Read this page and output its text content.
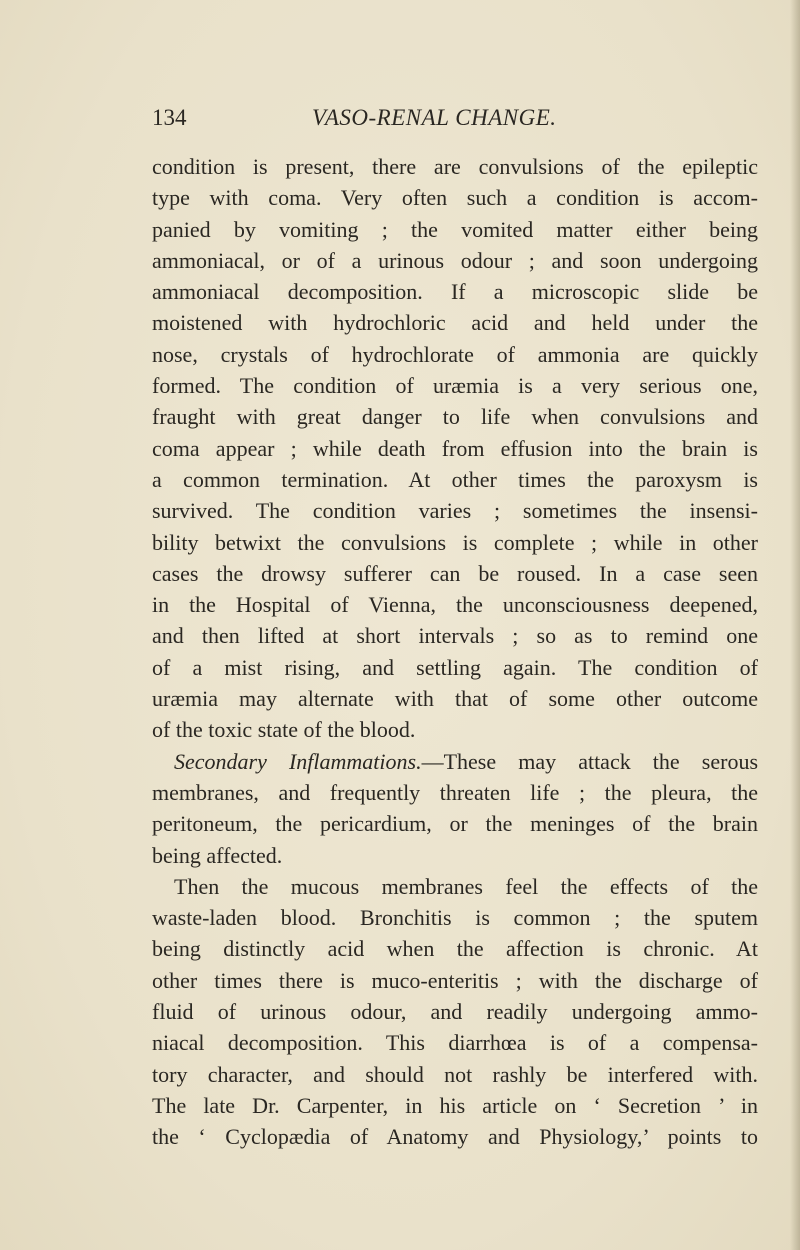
134	VASO-RENAL CHANGE.
condition is present, there are convulsions of the epileptic
type with coma. Very often such a condition is accom-
panied by vomiting ; the vomited matter either being
ammoniacal, or of a urinous odour ; and soon undergoing
ammoniacal decomposition. If a microscopic slide be
moistened with hydrochloric acid and held under the
nose, crystals of hydrochlorate of ammonia are quickly
formed. The condition of uræmia is a very serious one,
fraught with great danger to life when convulsions and
coma appear ; while death from effusion into the brain is
a common termination. At other times the paroxysm is
survived. The condition varies ; sometimes the insensi-
bility betwixt the convulsions is complete ; while in other
cases the drowsy sufferer can be roused. In a case seen
in the Hospital of Vienna, the unconsciousness deepened,
and then lifted at short intervals ; so as to remind one
of a mist rising, and settling again. The condition of
uræmia may alternate with that of some other outcome
of the toxic state of the blood.
Secondary Inflammations.—These may attack the serous
membranes, and frequently threaten life ; the pleura, the
peritoneum, the pericardium, or the meninges of the brain
being affected.
Then the mucous membranes feel the effects of the
waste-laden blood. Bronchitis is common ; the sputem
being distinctly acid when the affection is chronic. At
other times there is muco-enteritis ; with the discharge of
fluid of urinous odour, and readily undergoing ammo-
niacal decomposition. This diarrhœa is of a compensa-
tory character, and should not rashly be interfered with.
The late Dr. Carpenter, in his article on ‘ Secretion ’ in
the ‘ Cyclopædia of Anatomy and Physiology,’ points to
